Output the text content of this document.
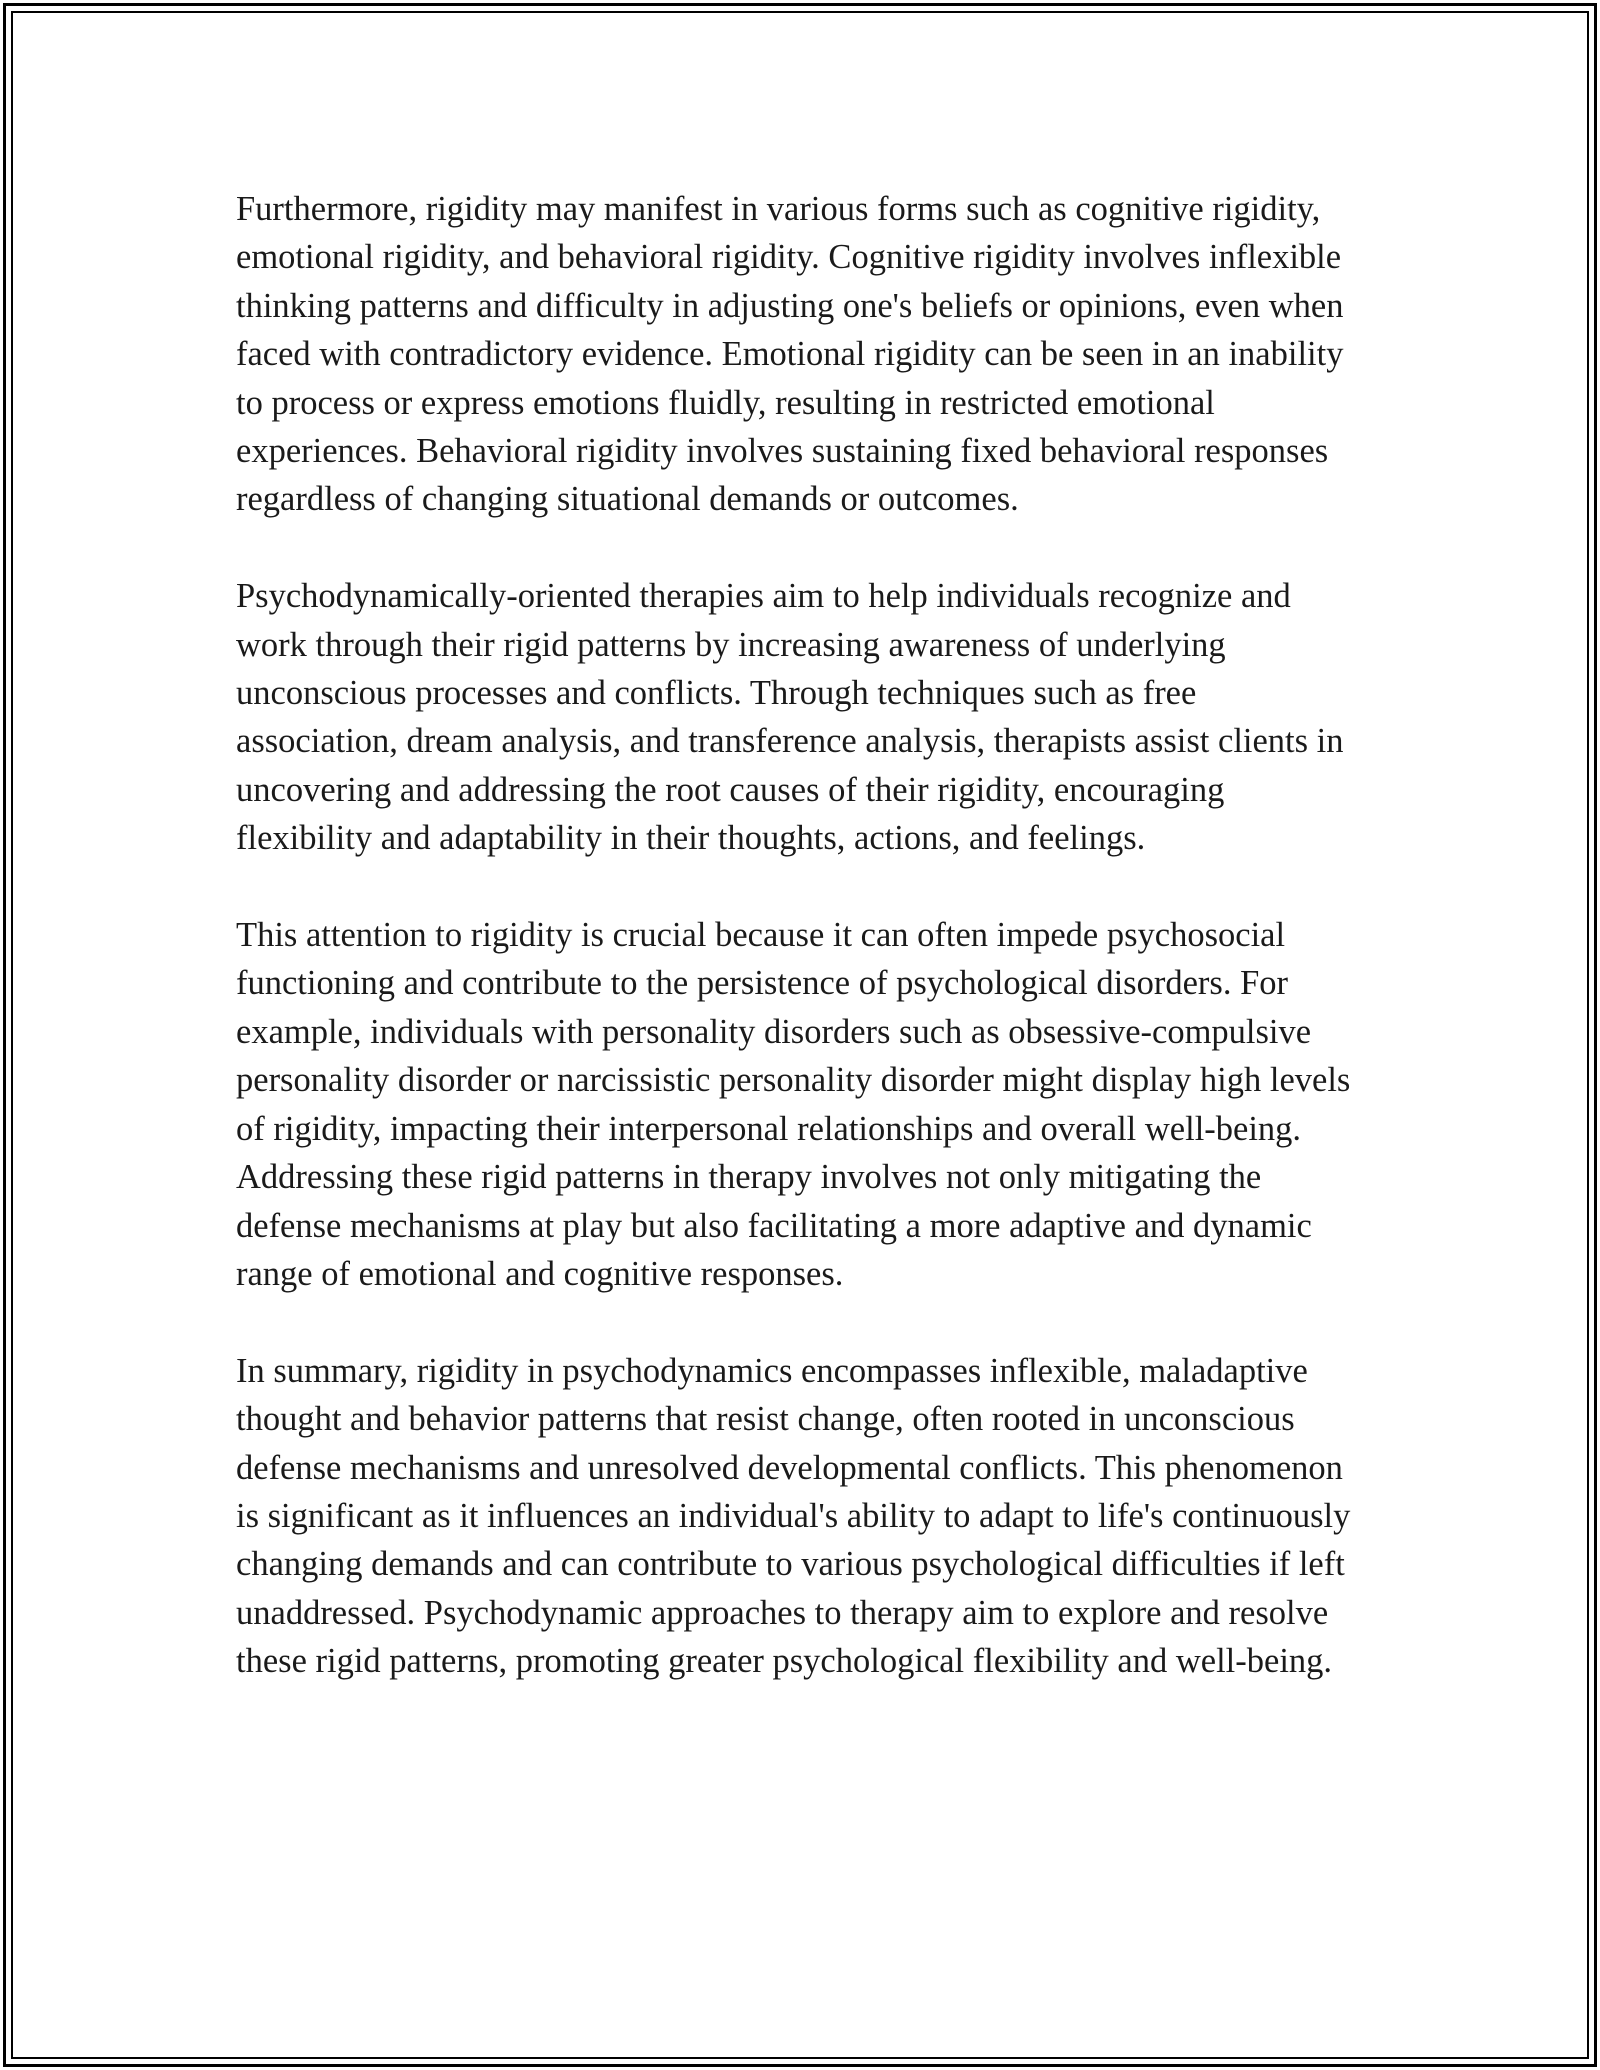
Furthermore, rigidity may manifest in various forms such as cognitive rigidity, emotional rigidity, and behavioral rigidity. Cognitive rigidity involves inflexible thinking patterns and difficulty in adjusting one's beliefs or opinions, even when faced with contradictory evidence. Emotional rigidity can be seen in an inability to process or express emotions fluidly, resulting in restricted emotional experiences. Behavioral rigidity involves sustaining fixed behavioral responses regardless of changing situational demands or outcomes.

Psychodynamically-oriented therapies aim to help individuals recognize and work through their rigid patterns by increasing awareness of underlying unconscious processes and conflicts. Through techniques such as free association, dream analysis, and transference analysis, therapists assist clients in uncovering and addressing the root causes of their rigidity, encouraging flexibility and adaptability in their thoughts, actions, and feelings.

This attention to rigidity is crucial because it can often impede psychosocial functioning and contribute to the persistence of psychological disorders. For example, individuals with personality disorders such as obsessive-compulsive personality disorder or narcissistic personality disorder might display high levels of rigidity, impacting their interpersonal relationships and overall well-being. Addressing these rigid patterns in therapy involves not only mitigating the defense mechanisms at play but also facilitating a more adaptive and dynamic range of emotional and cognitive responses.

In summary, rigidity in psychodynamics encompasses inflexible, maladaptive thought and behavior patterns that resist change, often rooted in unconscious defense mechanisms and unresolved developmental conflicts. This phenomenon is significant as it influences an individual's ability to adapt to life's continuously changing demands and can contribute to various psychological difficulties if left unaddressed. Psychodynamic approaches to therapy aim to explore and resolve these rigid patterns, promoting greater psychological flexibility and well-being.
